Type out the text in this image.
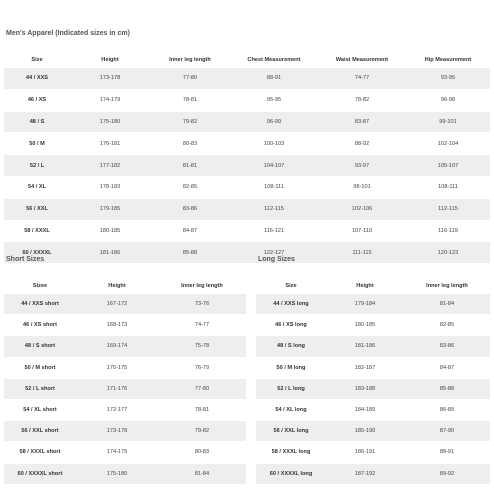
Men's Apparel (Indicated sizes in cm)
Size	Height	Inner leg length	Chest Measurement	Waist Measurement	Hip Measurement
44 / XXS	173-178	77-80	88-91	74-77	93-95
46 / XS	174-179	78-81	95-95	78-82	96-98
48 / S	175-180	79-82	96-99	83-87	99-101
50 / M	176-181	80-83	100-103	88-92	102-104
52 / L	177-182	81-81	104-107	93-97	105-107
54 / XL	178-183	82-85	108-111	98-101	108-111
56 / XXL	179-185	83-86	112-115	102-106	112-115
58 / XXXL	180-185	84-87	116-121	107-110	116-119
60 / XXXXL	181-186	85-88	122-127	111-115	120-123
Short Sizes
Sizee	Height	Inner leg length
44 / XXS short	167-172	73-76
46 / XS short	168-173	74-77
48 / S short	169-174	75-78
50 / M short	170-175	76-79
52 / L short	171-176	77-80
54 / XL short	172-177	78-81
56 / XXL short	173-178	79-82
58 / XXXL short	174-179	80-83
60 / XXXXL short	175-180	81-84
Long Sizes
Size	Height	Inner leg length
44 / XXS long	179-184	81-84
46 / XS long	180-185	82-85
48 / S long	181-186	83-86
50 / M long	182-187	84-87
52 / L long	183-188	85-88
54 / XL long	184-189	86-89
56 / XXL long	185-190	87-90
58 / XXXL long	186-191	88-91
60 / XXXXL long	187-192	89-92
